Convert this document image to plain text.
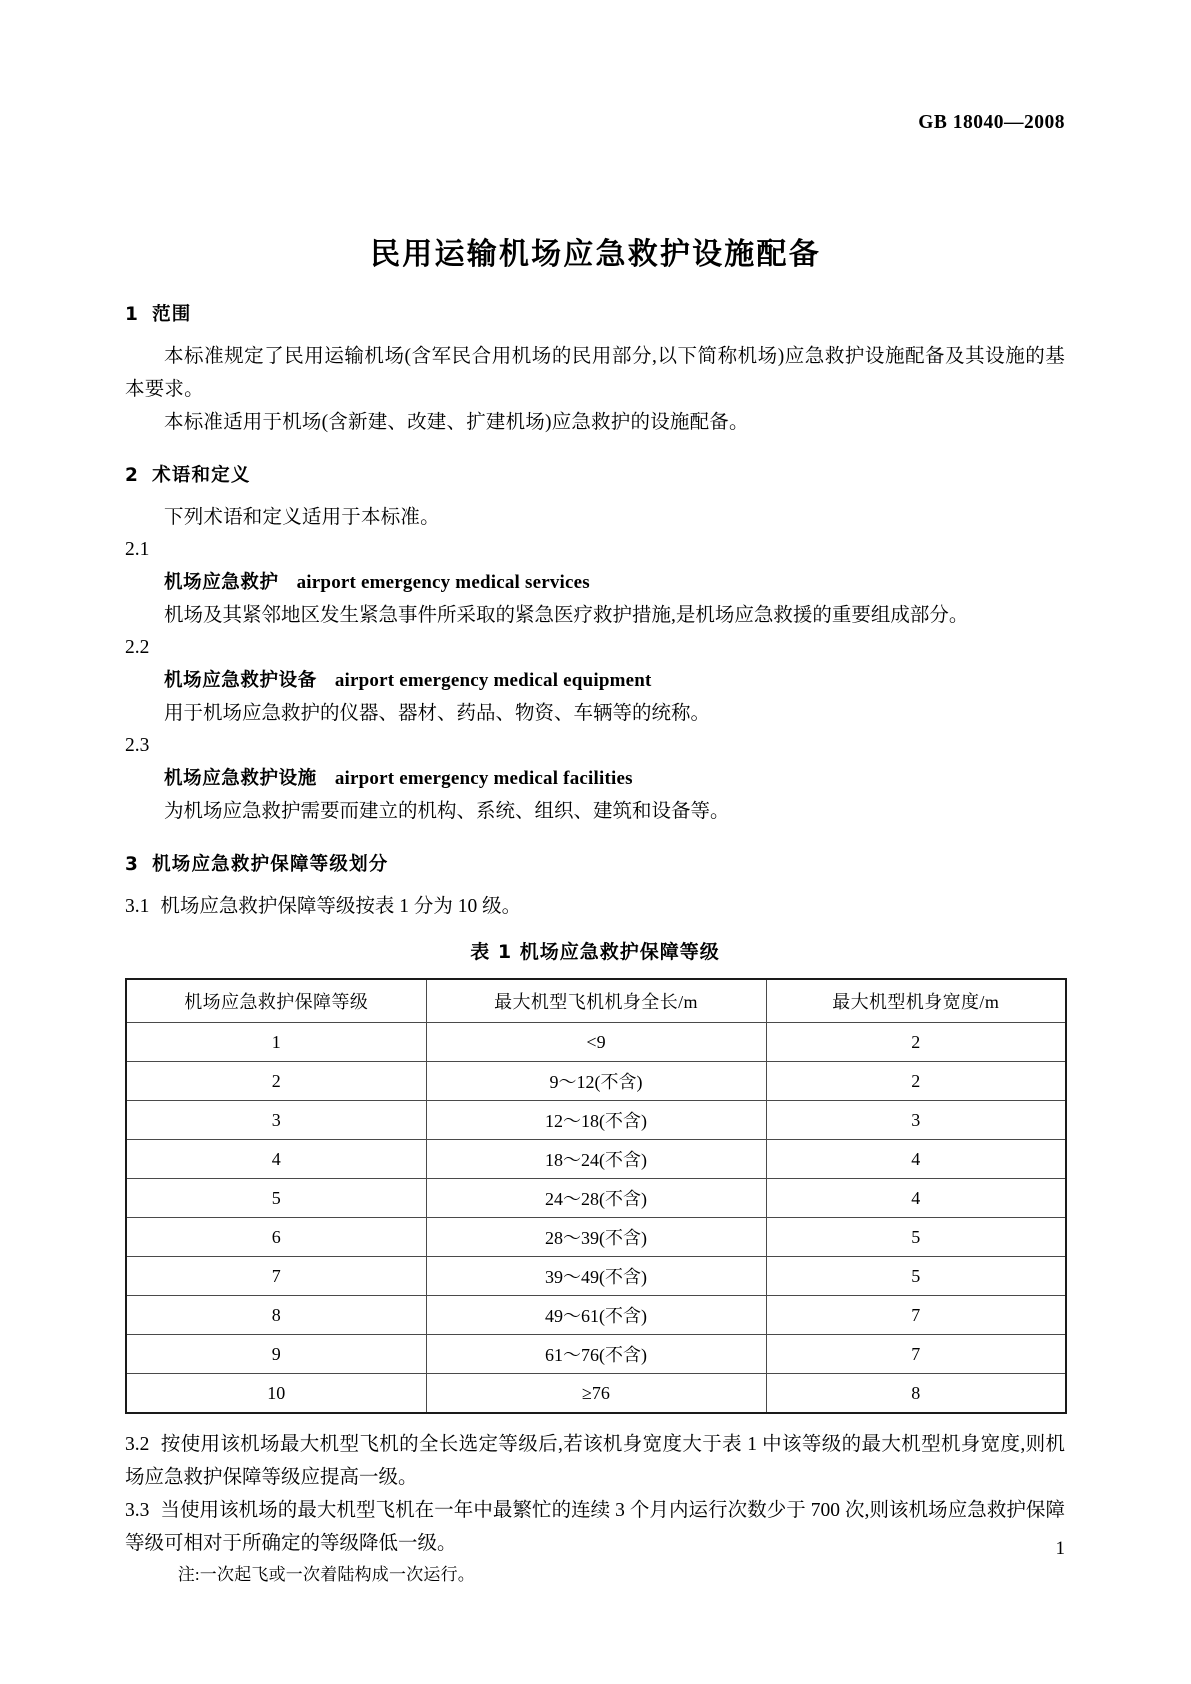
GB 18040—2008
民用运输机场应急救护设施配备
1 范围

本标准规定了民用运输机场(含军民合用机场的民用部分,以下简称机场)应急救护设施配备及其设施的基本要求。

本标准适用于机场(含新建、改建、扩建机场)应急救护的设施配备。

2 术语和定义

下列术语和定义适用于本标准。

2.1

机场应急救护 airport emergency medical services

机场及其紧邻地区发生紧急事件所采取的紧急医疗救护措施,是机场应急救援的重要组成部分。

2.2

机场应急救护设备 airport emergency medical equipment

用于机场应急救护的仪器、器材、药品、物资、车辆等的统称。

2.3

机场应急救护设施 airport emergency medical facilities

为机场应急救护需要而建立的机构、系统、组织、建筑和设备等。

3 机场应急救护保障等级划分

3.1 机场应急救护保障等级按表 1 分为 10 级。

表 1 机场应急救护保障等级

机场应急救护保障等级	最大机型飞机机身全长/m	最大机型机身宽度/m
1	<9	2
2	9～12(不含)	2
3	12～18(不含)	3
4	18～24(不含)	4
5	24～28(不含)	4
6	28～39(不含)	5
7	39～49(不含)	5
8	49～61(不含)	7
9	61～76(不含)	7
10	≥76	8

3.2 按使用该机场最大机型飞机的全长选定等级后,若该机身宽度大于表 1 中该等级的最大机型机身宽度,则机场应急救护保障等级应提高一级。

3.3 当使用该机场的最大机型飞机在一年中最繁忙的连续 3 个月内运行次数少于 700 次,则该机场应急救护保障等级可相对于所确定的等级降低一级。

注:一次起飞或一次着陆构成一次运行。

1
